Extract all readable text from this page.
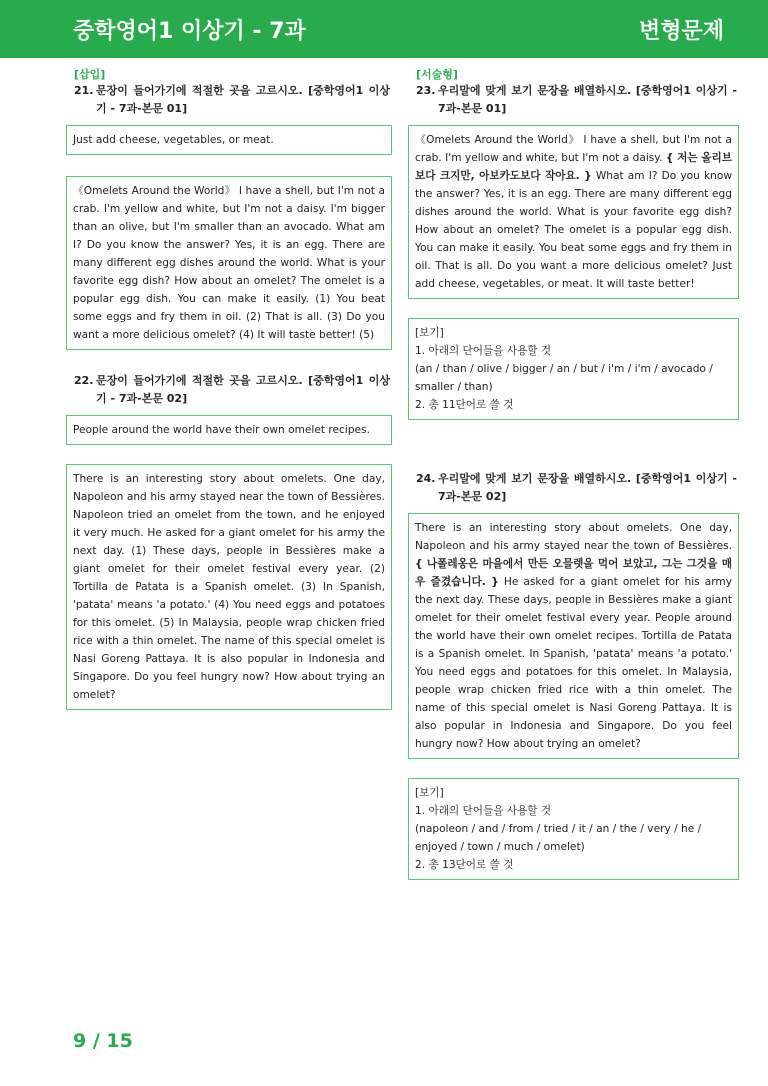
중학영어1 이상기 - 7과	변형문제
[삽입]
21. 문장이 들어가기에 적절한 곳을 고르시오. [중학영어1 이상기 - 7과-본문 01]
Just add cheese, vegetables, or meat.
《Omelets Around the World》 I have a shell, but I'm not a crab. I'm yellow and white, but I'm not a daisy. I'm bigger than an olive, but I'm smaller than an avocado. What am I? Do you know the answer? Yes, it is an egg. There are many different egg dishes around the world. What is your favorite egg dish? How about an omelet? The omelet is a popular egg dish. You can make it easily. (1) You beat some eggs and fry them in oil. (2) That is all. (3) Do you want a more delicious omelet? (4) It will taste better! (5)
22. 문장이 들어가기에 적절한 곳을 고르시오. [중학영어1 이상기 - 7과-본문 02]
People around the world have their own omelet recipes.
There is an interesting story about omelets. One day, Napoleon and his army stayed near the town of Bessières. Napoleon tried an omelet from the town, and he enjoyed it very much. He asked for a giant omelet for his army the next day. (1) These days, people in Bessières make a giant omelet for their omelet festival every year. (2) Tortilla de Patata is a Spanish omelet. (3) In Spanish, 'patata' means 'a potato.' (4) You need eggs and potatoes for this omelet. (5) In Malaysia, people wrap chicken fried rice with a thin omelet. The name of this special omelet is Nasi Goreng Pattaya. It is also popular in Indonesia and Singapore. Do you feel hungry now? How about trying an omelet?
[서술형]
23. 우리말에 맞게 보기 문장을 배열하시오. [중학영어1 이상기 - 7과-본문 01]
《Omelets Around the World》 I have a shell, but I'm not a crab. I'm yellow and white, but I'm not a daisy. { 저는 올리브보다 크지만, 아보카도보다 작아요. } What am I? Do you know the answer? Yes, it is an egg. There are many different egg dishes around the world. What is your favorite egg dish? How about an omelet? The omelet is a popular egg dish. You can make it easily. You beat some eggs and fry them in oil. That is all. Do you want a more delicious omelet? Just add cheese, vegetables, or meat. It will taste better!
[보기]
1. 아래의 단어들을 사용할 것
(an / than / olive / bigger / an / but / i'm / i'm / avocado / smaller / than)
2. 총 11단어로 쓸 것
24. 우리말에 맞게 보기 문장을 배열하시오. [중학영어1 이상기 - 7과-본문 02]
There is an interesting story about omelets. One day, Napoleon and his army stayed near the town of Bessières. { 나폴레옹은 마을에서 만든 오믈렛을 먹어 보았고, 그는 그것을 매우 즐겼습니다. } He asked for a giant omelet for his army the next day. These days, people in Bessières make a giant omelet for their omelet festival every year. People around the world have their own omelet recipes. Tortilla de Patata is a Spanish omelet. In Spanish, 'patata' means 'a potato.' You need eggs and potatoes for this omelet. In Malaysia, people wrap chicken fried rice with a thin omelet. The name of this special omelet is Nasi Goreng Pattaya. It is also popular in Indonesia and Singapore. Do you feel hungry now? How about trying an omelet?
[보기]
1. 아래의 단어들을 사용할 것
(napoleon / and / from / tried / it / an / the / very / he / enjoyed / town / much / omelet)
2. 총 13단어로 쓸 것
9 / 15
